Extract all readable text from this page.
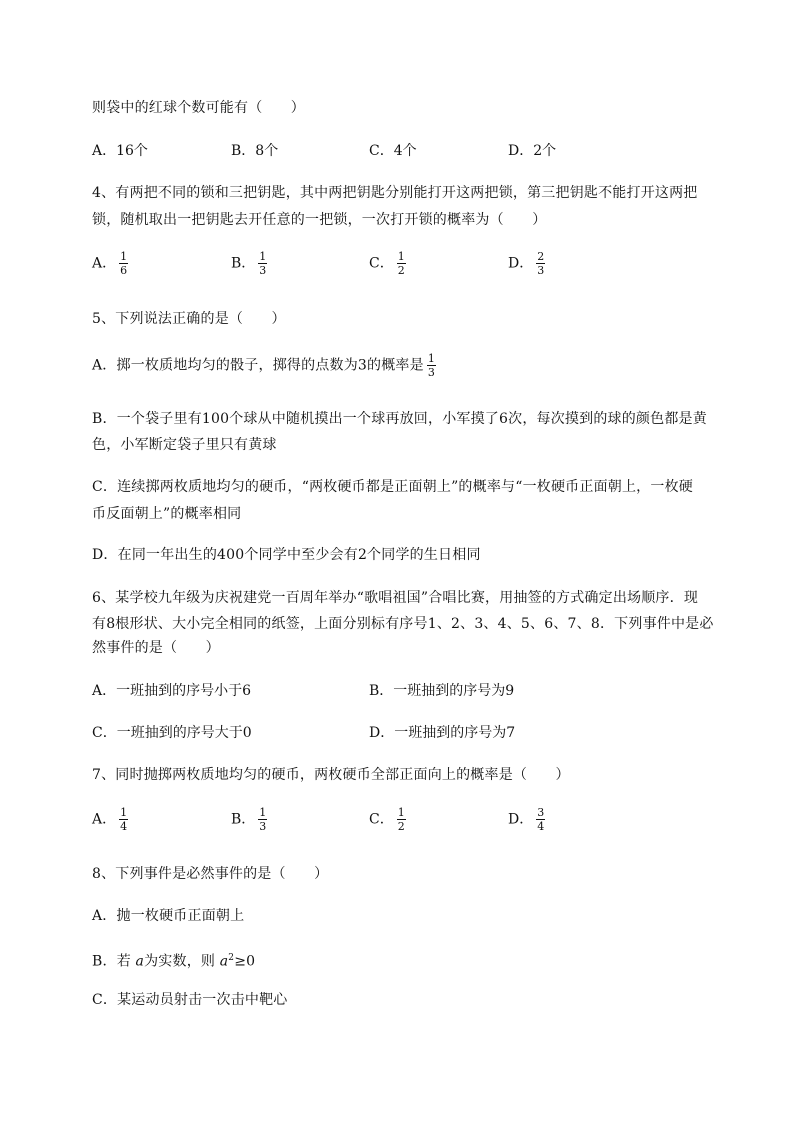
则袋中的红球个数可能有（　　）
A．16个	B．8个	C．4个	D．2个
4、有两把不同的锁和三把钥匙，其中两把钥匙分别能打开这两把锁，第三把钥匙不能打开这两把
锁，随机取出一把钥匙去开任意的一把锁，一次打开锁的概率为（　　）
A． $\frac{1}{6}$	B． $\frac{1}{3}$	C． $\frac{1}{2}$	D． $\frac{2}{3}$
5、下列说法正确的是（　　）
A．掷一枚质地均匀的骰子，掷得的点数为3的概率是 $\frac{1}{3}$
B．一个袋子里有100个球从中随机摸出一个球再放回，小军摸了6次，每次摸到的球的颜色都是黄
色，小军断定袋子里只有黄球
C．连续掷两枚质地均匀的硬币，“两枚硬币都是正面朝上”的概率与“一枚硬币正面朝上，一枚硬
币反面朝上”的概率相同
D．在同一年出生的400个同学中至少会有2个同学的生日相同
6、某学校九年级为庆祝建党一百周年举办“歌唱祖国”合唱比赛，用抽签的方式确定出场顺序．现
有8根形状、大小完全相同的纸签，上面分别标有序号1、2、3、4、5、6、7、8．下列事件中是必
然事件的是（　　）
A．一班抽到的序号小于6	B．一班抽到的序号为9
C．一班抽到的序号大于0	D．一班抽到的序号为7
7、同时抛掷两枚质地均匀的硬币，两枚硬币全部正面向上的概率是（　　）
A． $\frac{1}{4}$	B． $\frac{1}{3}$	C． $\frac{1}{2}$	D． $\frac{3}{4}$
8、下列事件是必然事件的是（　　）
A．抛一枚硬币正面朝上
B．若 a为实数，则 $a^2\ge 0$
C．某运动员射击一次击中靶心
